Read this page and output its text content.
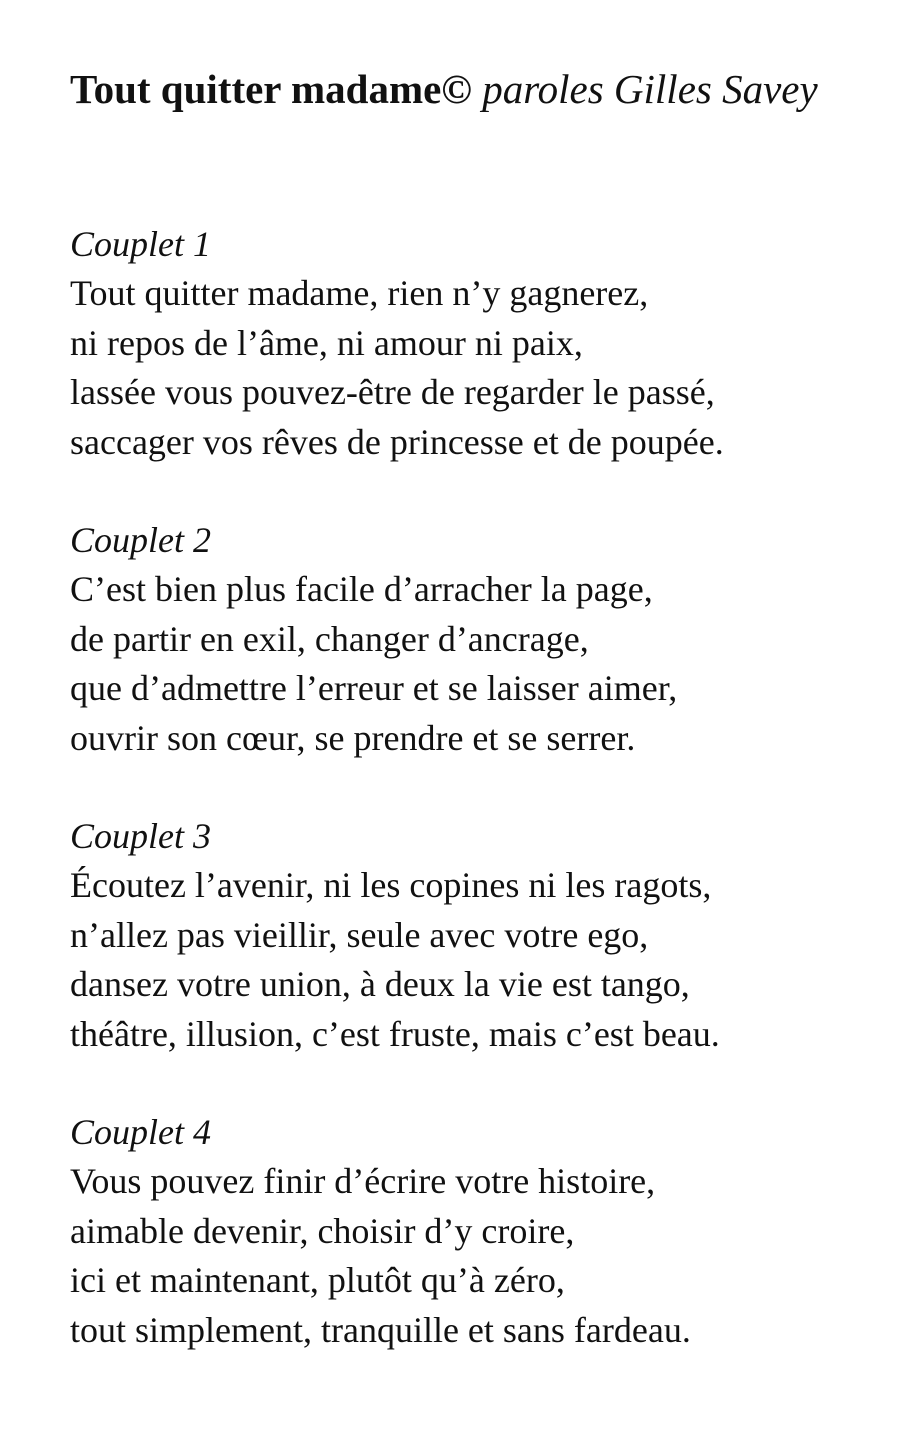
Tout quitter madame© paroles Gilles Savey

Couplet 1

Tout quitter madame, rien n’y gagnerez,

ni repos de l’âme, ni amour ni paix,

lassée vous pouvez-être de regarder le passé,

saccager vos rêves de princesse et de poupée.

Couplet 2

C’est bien plus facile d’arracher la page,

de partir en exil, changer d’ancrage,

que d’admettre l’erreur et se laisser aimer,

ouvrir son cœur, se prendre et se serrer.

Couplet 3

Écoutez l’avenir, ni les copines ni les ragots,

n’allez pas vieillir, seule avec votre ego,

dansez votre union, à deux la vie est tango,

théâtre, illusion, c’est fruste, mais c’est beau.

Couplet 4

Vous pouvez finir d’écrire votre histoire,

aimable devenir, choisir d’y croire,

ici et maintenant, plutôt qu’à zéro,

tout simplement, tranquille et sans fardeau.
